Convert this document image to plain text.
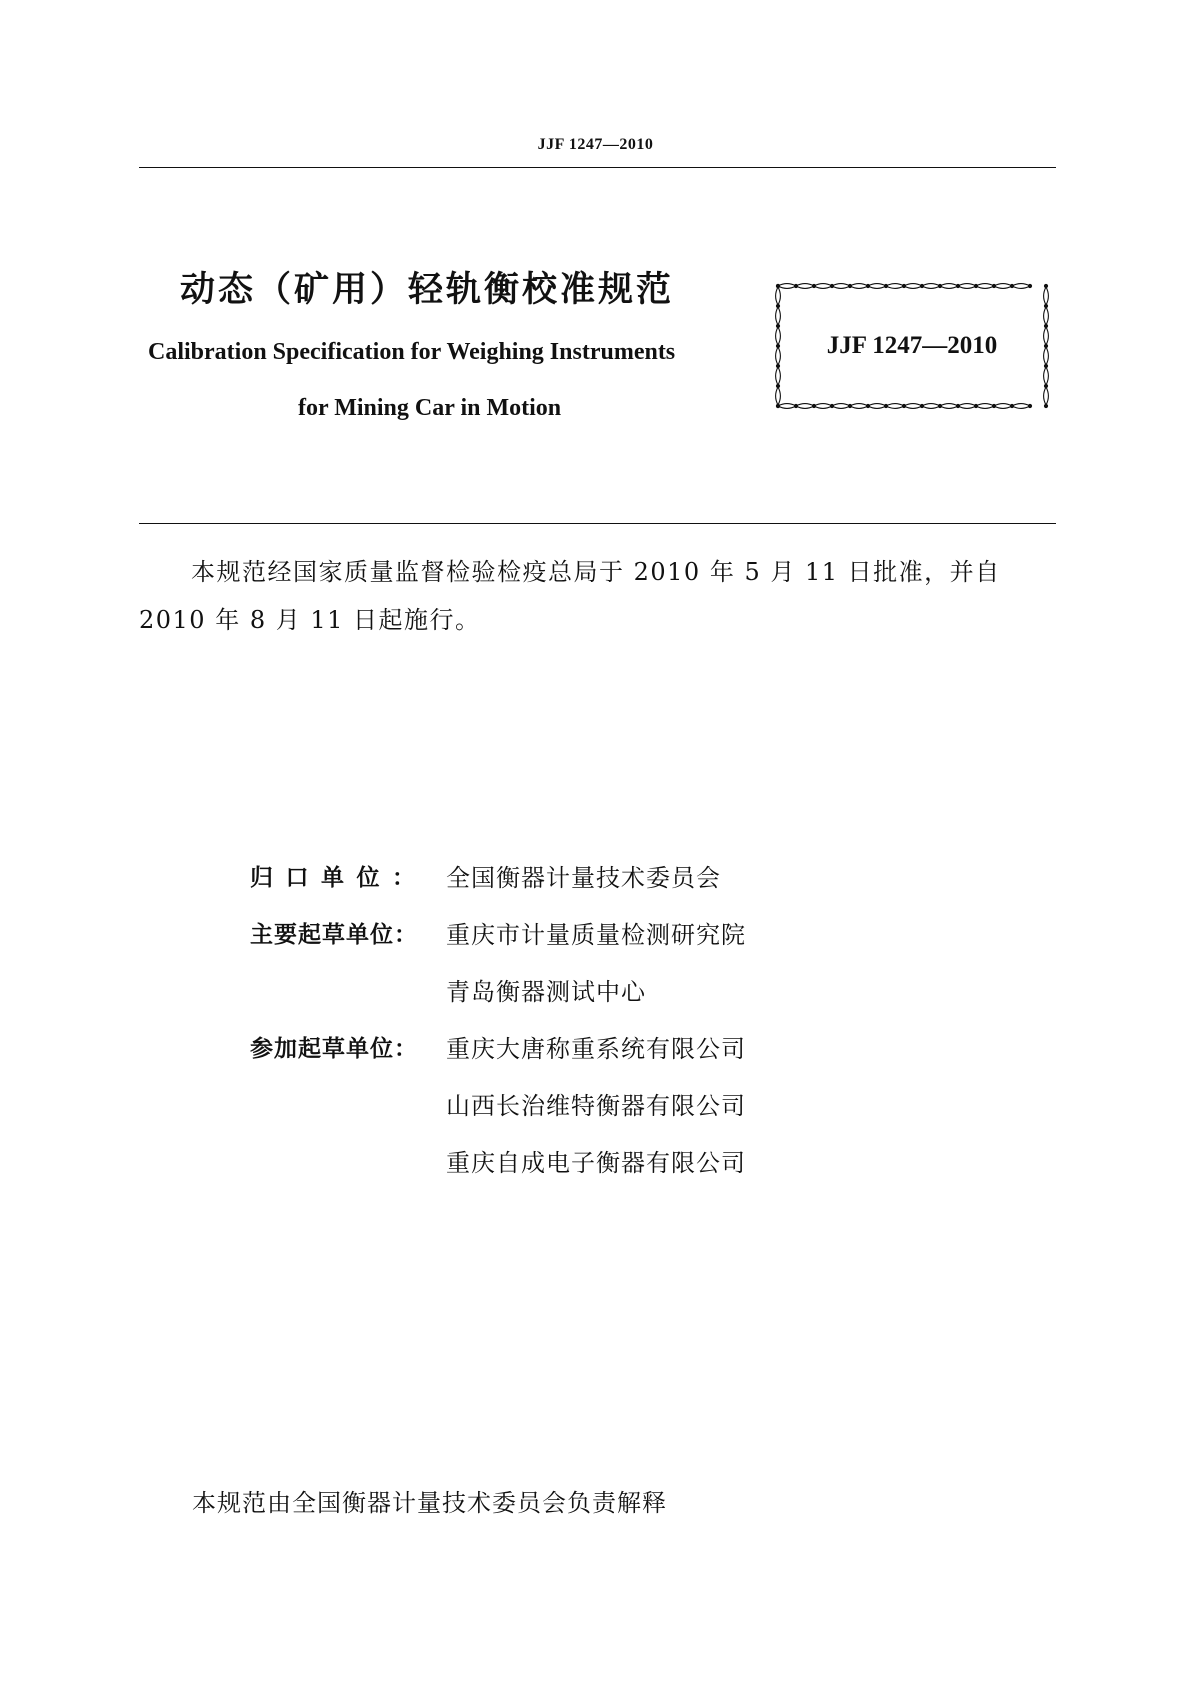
JJF 1247—2010
动态（矿用）轻轨衡校准规范
Calibration Specification for Weighing Instruments
for Mining Car in Motion
JJF 1247—2010
本规范经国家质量监督检验检疫总局于 2010 年 5 月 11 日批准，并自
2010 年 8 月 11 日起施行。
归口单位： 全国衡器计量技术委员会
主要起草单位： 重庆市计量质量检测研究院
青岛衡器测试中心
参加起草单位： 重庆大唐称重系统有限公司
山西长治维特衡器有限公司
重庆自成电子衡器有限公司
本规范由全国衡器计量技术委员会负责解释
